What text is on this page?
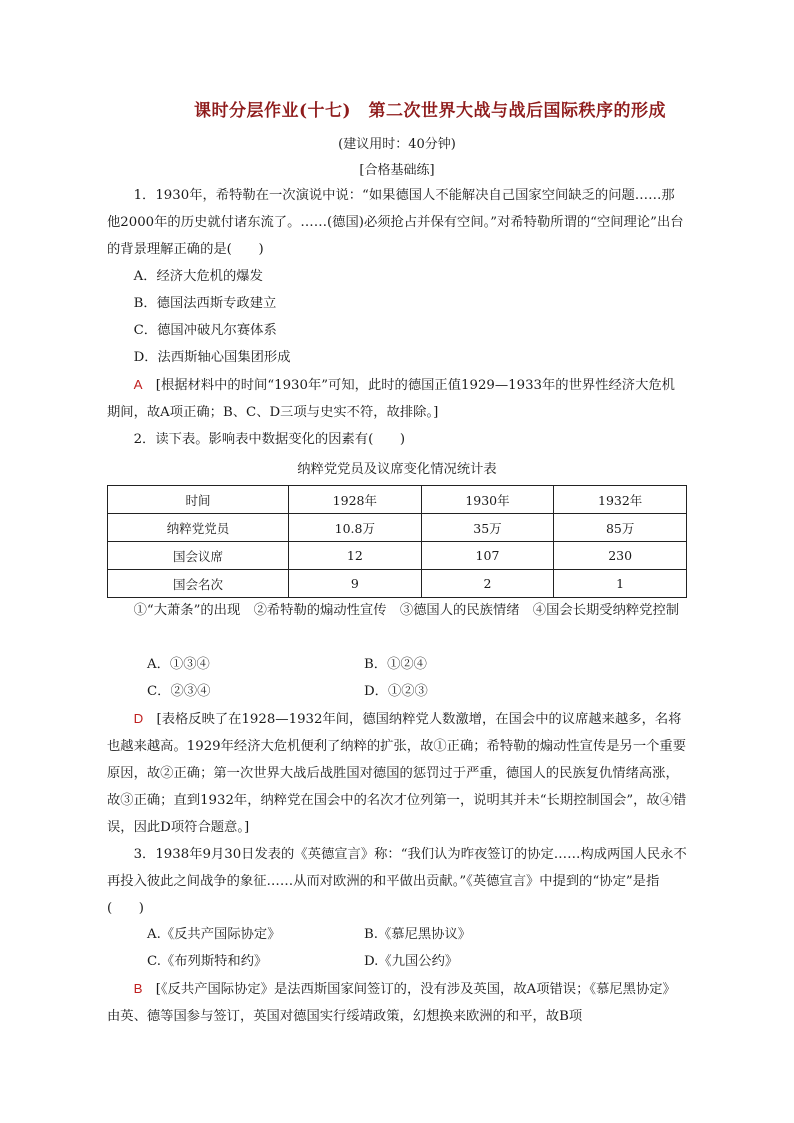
课时分层作业(十七)　第二次世界大战与战后国际秩序的形成
(建议用时：40分钟)
[合格基础练]

1．1930年，希特勒在一次演说中说：“如果德国人不能解决自己国家空间缺乏的问题……那他2000年的历史就付诸东流了。……(德国)必须抢占并保有空间。”对希特勒所谓的“空间理论”出台的背景理解正确的是(　　)

A．经济大危机的爆发

B．德国法西斯专政建立

C．德国冲破凡尔赛体系

D．法西斯轴心国集团形成

A　[根据材料中的时间“1930年”可知，此时的德国正值1929—1933年的世界性经济大危机期间，故A项正确；B、C、D三项与史实不符，故排除。]

2．读下表。影响表中数据变化的因素有(　　)

纳粹党党员及议席变化情况统计表
时间	1928年	1930年	1932年
纳粹党党员	10.8万	35万	85万
国会议席	12	107	230
国会名次	9	2	1

①“大萧条”的出现　②希特勒的煽动性宣传　③德国人的民族情绪　④国会长期受纳粹党控制

A．①③④	B．①②④
C．②③④	D．①②③

D　[表格反映了在1928—1932年间，德国纳粹党人数激增，在国会中的议席越来越多，名将也越来越高。1929年经济大危机便利了纳粹的扩张，故①正确；希特勒的煽动性宣传是另一个重要原因，故②正确；第一次世界大战后战胜国对德国的惩罚过于严重，德国人的民族复仇情绪高涨，故③正确；直到1932年，纳粹党在国会中的名次才位列第一，说明其并未“长期控制国会”，故④错误，因此D项符合题意。]

3．1938年9月30日发表的《英德宣言》称：“我们认为昨夜签订的协定……构成两国人民永不再投入彼此之间战争的象征……从而对欧洲的和平做出贡献。”《英德宣言》中提到的“协定”是指(　　)

A.《反共产国际协定》	B.《慕尼黑协议》
C.《布列斯特和约》	D.《九国公约》

B　[《反共产国际协定》是法西斯国家间签订的，没有涉及英国，故A项错误；《慕尼黑协定》由英、德等国参与签订，英国对德国实行绥靖政策，幻想换来欧洲的和平，故B项
